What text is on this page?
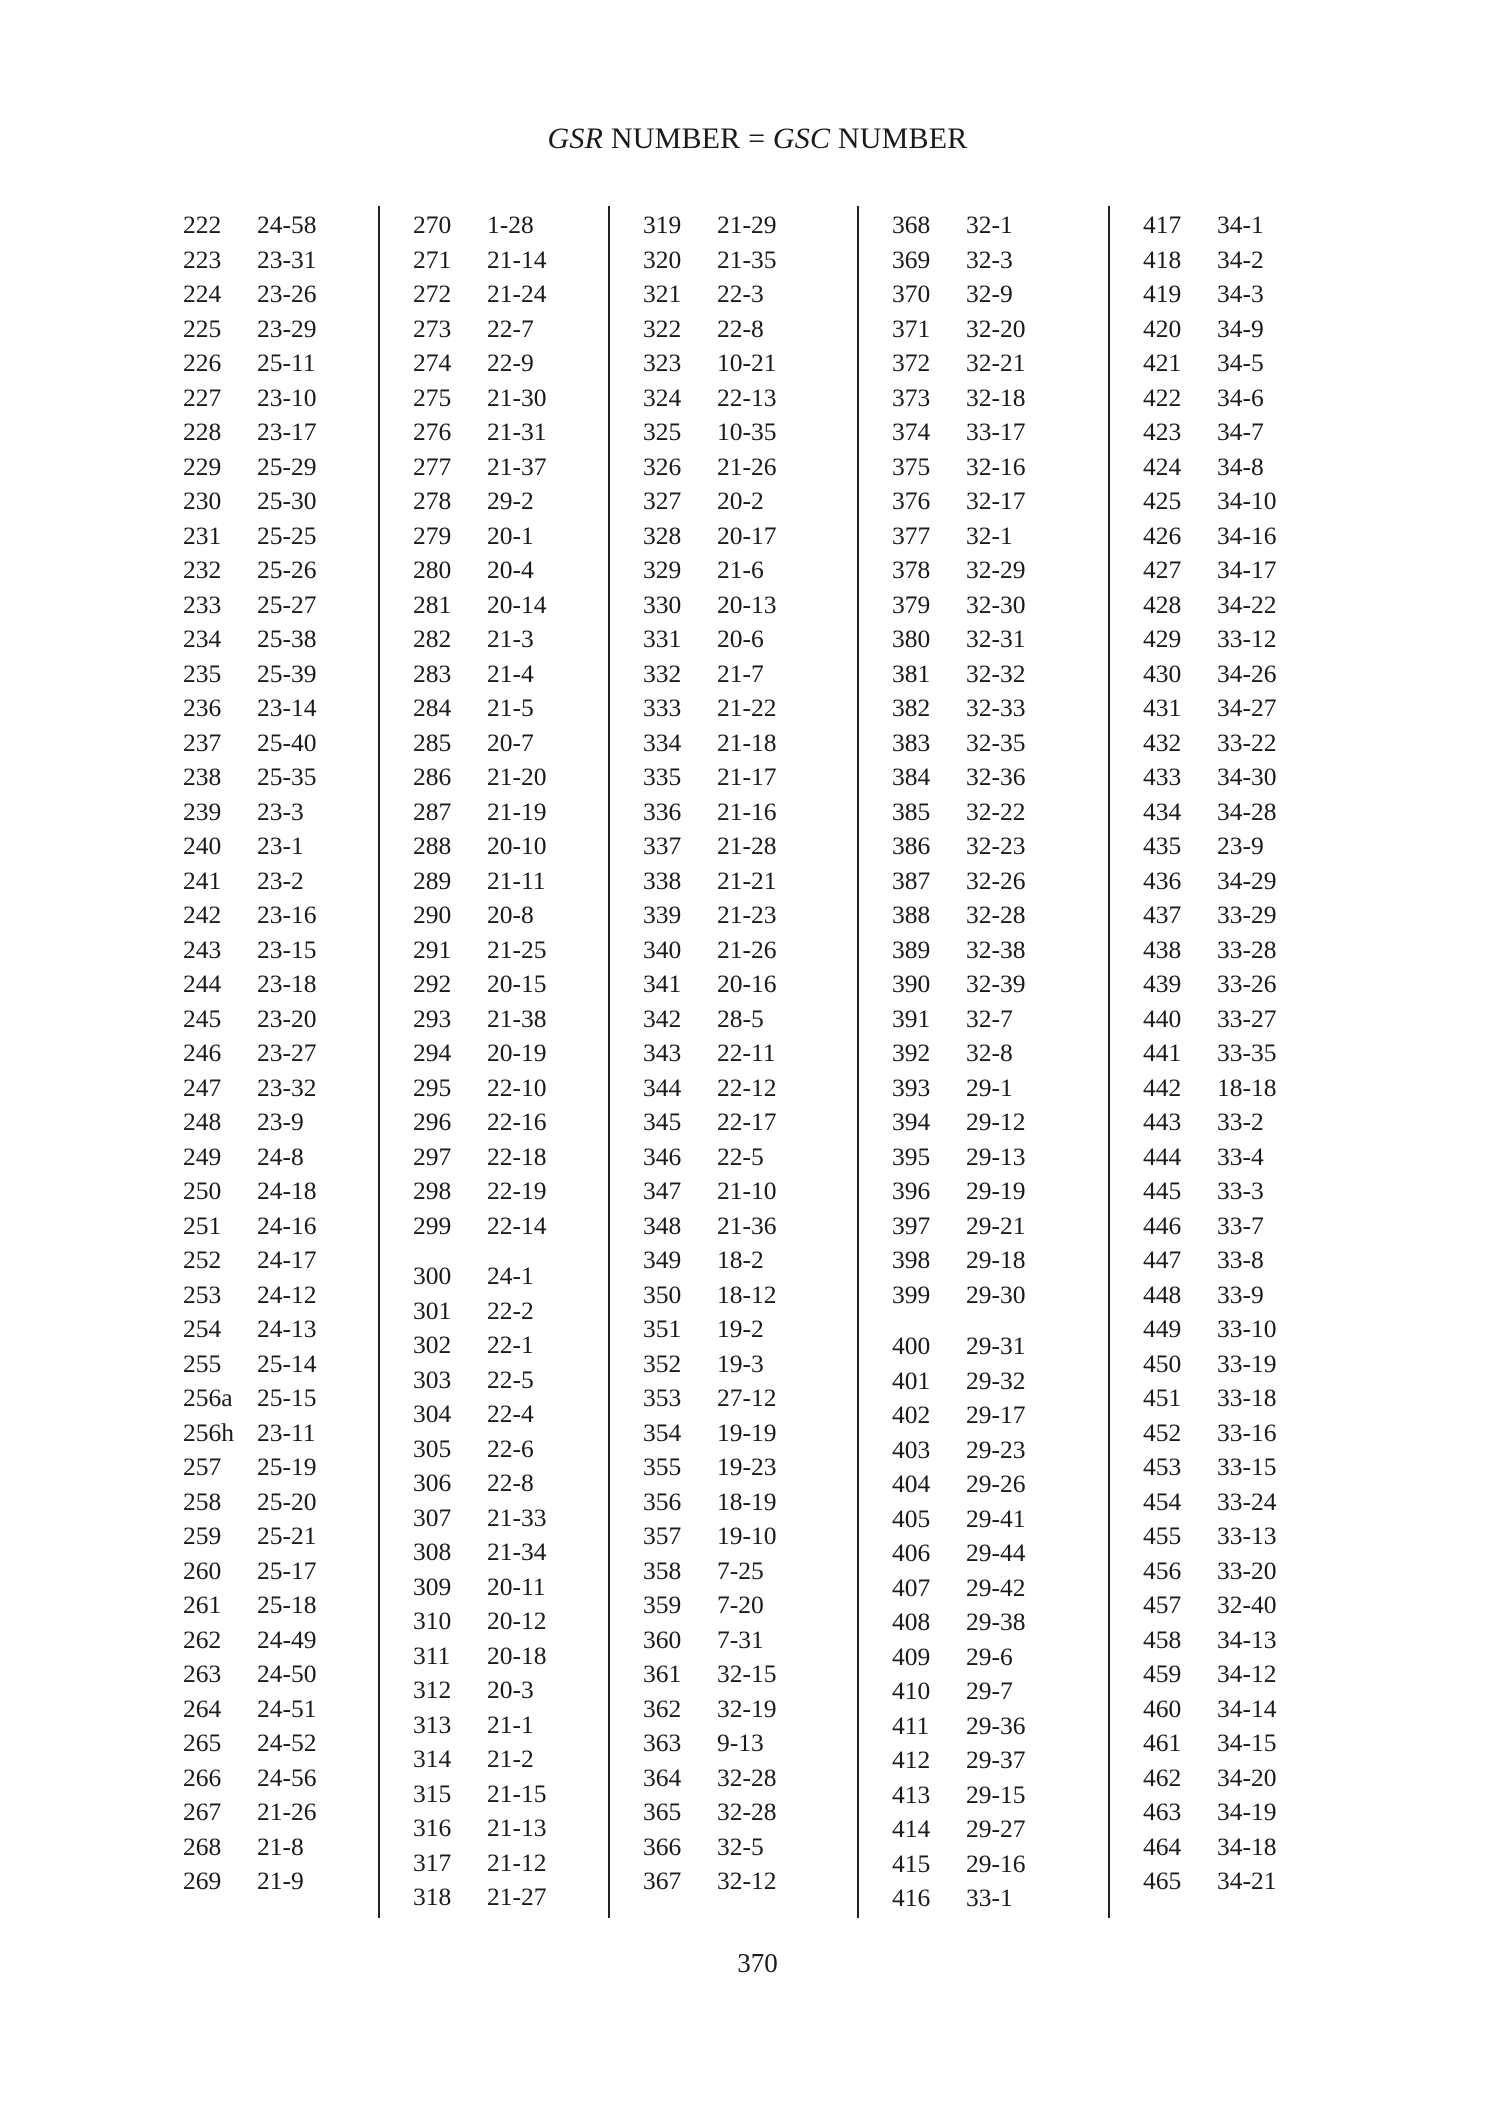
GSR NUMBER = GSC NUMBER
222 24-58
223 23-31
224 23-26
225 23-29
226 25-11
227 23-10
228 23-17
229 25-29
230 25-30
231 25-25
232 25-26
233 25-27
234 25-38
235 25-39
236 23-14
237 25-40
238 25-35
239 23-3
240 23-1
241 23-2
242 23-16
243 23-15
244 23-18
245 23-20
246 23-27
247 23-32
248 23-9
249 24-8
250 24-18
251 24-16
252 24-17
253 24-12
254 24-13
255 25-14
256a 25-15
256h 23-11
257 25-19
258 25-20
259 25-21
260 25-17
261 25-18
262 24-49
263 24-50
264 24-51
265 24-52
266 24-56
267 21-26
268 21-8
269 21-9
270 1-28
271 21-14
272 21-24
273 22-7
274 22-9
275 21-30
276 21-31
277 21-37
278 29-2
279 20-1
280 20-4
281 20-14
282 21-3
283 21-4
284 21-5
285 20-7
286 21-20
287 21-19
288 20-10
289 21-11
290 20-8
291 21-25
292 20-15
293 21-38
294 20-19
295 22-10
296 22-16
297 22-18
298 22-19
299 22-14
300 24-1
301 22-2
302 22-1
303 22-5
304 22-4
305 22-6
306 22-8
307 21-33
308 21-34
309 20-11
310 20-12
311 20-18
312 20-3
313 21-1
314 21-2
315 21-15
316 21-13
317 21-12
318 21-27
319 21-29
320 21-35
321 22-3
322 22-8
323 10-21
324 22-13
325 10-35
326 21-26
327 20-2
328 20-17
329 21-6
330 20-13
331 20-6
332 21-7
333 21-22
334 21-18
335 21-17
336 21-16
337 21-28
338 21-21
339 21-23
340 21-26
341 20-16
342 28-5
343 22-11
344 22-12
345 22-17
346 22-5
347 21-10
348 21-36
349 18-2
350 18-12
351 19-2
352 19-3
353 27-12
354 19-19
355 19-23
356 18-19
357 19-10
358 7-25
359 7-20
360 7-31
361 32-15
362 32-19
363 9-13
364 32-28
365 32-28
366 32-5
367 32-12
368 32-1
369 32-3
370 32-9
371 32-20
372 32-21
373 32-18
374 33-17
375 32-16
376 32-17
377 32-1
378 32-29
379 32-30
380 32-31
381 32-32
382 32-33
383 32-35
384 32-36
385 32-22
386 32-23
387 32-26
388 32-28
389 32-38
390 32-39
391 32-7
392 32-8
393 29-1
394 29-12
395 29-13
396 29-19
397 29-21
398 29-18
399 29-30
400 29-31
401 29-32
402 29-17
403 29-23
404 29-26
405 29-41
406 29-44
407 29-42
408 29-38
409 29-6
410 29-7
411 29-36
412 29-37
413 29-15
414 29-27
415 29-16
416 33-1
417 34-1
418 34-2
419 34-3
420 34-9
421 34-5
422 34-6
423 34-7
424 34-8
425 34-10
426 34-16
427 34-17
428 34-22
429 33-12
430 34-26
431 34-27
432 33-22
433 34-30
434 34-28
435 23-9
436 34-29
437 33-29
438 33-28
439 33-26
440 33-27
441 33-35
442 18-18
443 33-2
444 33-4
445 33-3
446 33-7
447 33-8
448 33-9
449 33-10
450 33-19
451 33-18
452 33-16
453 33-15
454 33-24
455 33-13
456 33-20
457 32-40
458 34-13
459 34-12
460 34-14
461 34-15
462 34-20
463 34-19
464 34-18
465 34-21
370
